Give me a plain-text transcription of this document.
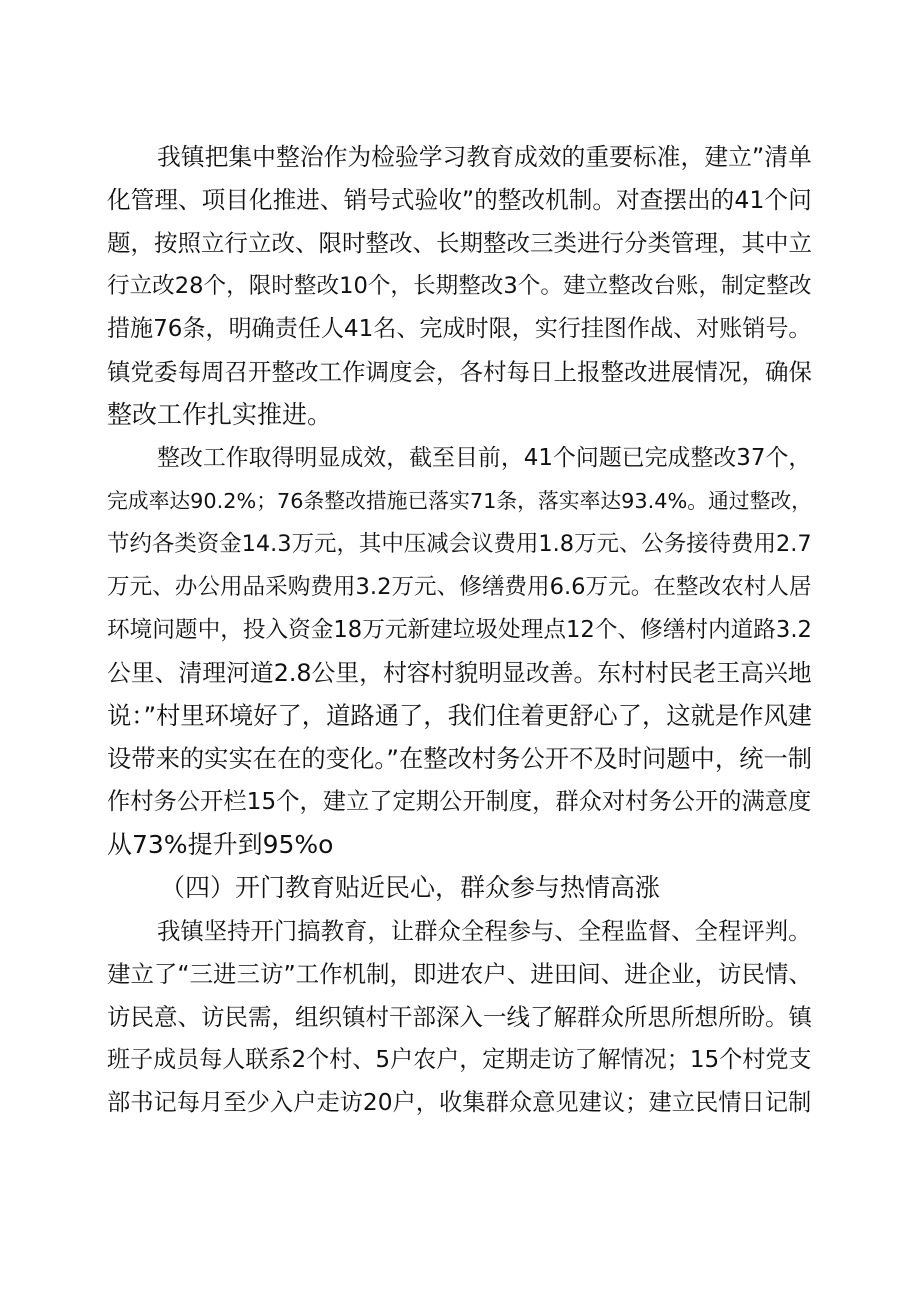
我镇把集中整治作为检验学习教育成效的重要标准，建立”清单
化管理、项目化推进、销号式验收”的整改机制。对查摆出的41个问
题，按照立行立改、限时整改、长期整改三类进行分类管理，其中立
行立改28个，限时整改10个，长期整改3个。建立整改台账，制定整改
措施76条，明确责任人41名、完成时限，实行挂图作战、对账销号。
镇党委每周召开整改工作调度会，各村每日上报整改进展情况，确保
整改工作扎实推进。
整改工作取得明显成效，截至目前，41个问题已完成整改37个，
完成率达90.2%；76条整改措施已落实71条，落实率达93.4%。通过整改，
节约各类资金14.3万元，其中压减会议费用1.8万元、公务接待费用2.7
万元、办公用品采购费用3.2万元、修缮费用6.6万元。在整改农村人居
环境问题中，投入资金18万元新建垃圾处理点12个、修缮村内道路3.2
公里、清理河道2.8公里，村容村貌明显改善。东村村民老王高兴地
说：”村里环境好了，道路通了，我们住着更舒心了，这就是作风建
设带来的实实在在的变化。”在整改村务公开不及时问题中，统一制
作村务公开栏15个，建立了定期公开制度，群众对村务公开的满意度
从73%提升到95%o
（四）开门教育贴近民心，群众参与热情高涨
我镇坚持开门搞教育，让群众全程参与、全程监督、全程评判。
建立了“三进三访”工作机制，即进农户、进田间、进企业，访民情、
访民意、访民需，组织镇村干部深入一线了解群众所思所想所盼。镇
班子成员每人联系2个村、5户农户，定期走访了解情况；15个村党支
部书记每月至少入户走访20户，收集群众意见建议；建立民情日记制
